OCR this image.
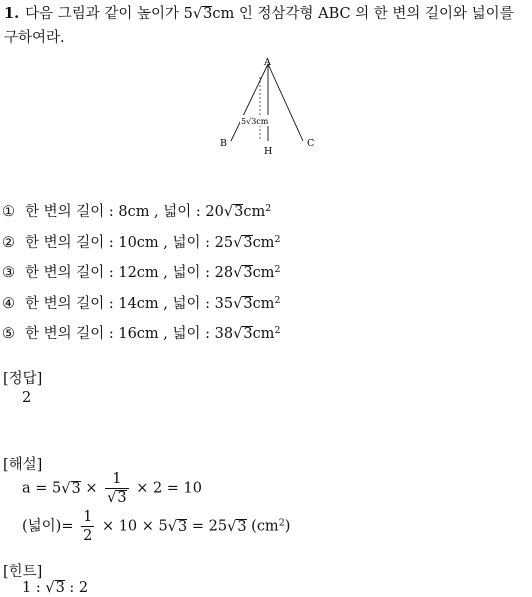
1. 다음 그림과 같이 높이가 5√3cm 인 정삼각형 ABC 의 한 변의 길이와 넓이를 구하여라.
A
B	C
H
5√3cm
① 한 변의 길이 : 8cm , 넓이 : $20√3cm^2$
② 한 변의 길이 : 10cm , 넓이 : $25√3cm^2$
③ 한 변의 길이 : 12cm , 넓이 : $28√3cm^2$
④ 한 변의 길이 : 14cm , 넓이 : $35√3cm^2$
⑤ 한 변의 길이 : 16cm , 넓이 : $38√3cm^2$
[정답]
2
[해설]
$a = 5√3 \times \frac{1}{√3} \times 2 = 10$
(넓이)= $\frac{1}{2} \times 10 \times 5√3 = 25√3$ $(cm^2)$
[힌트]
1 : √3 : 2
